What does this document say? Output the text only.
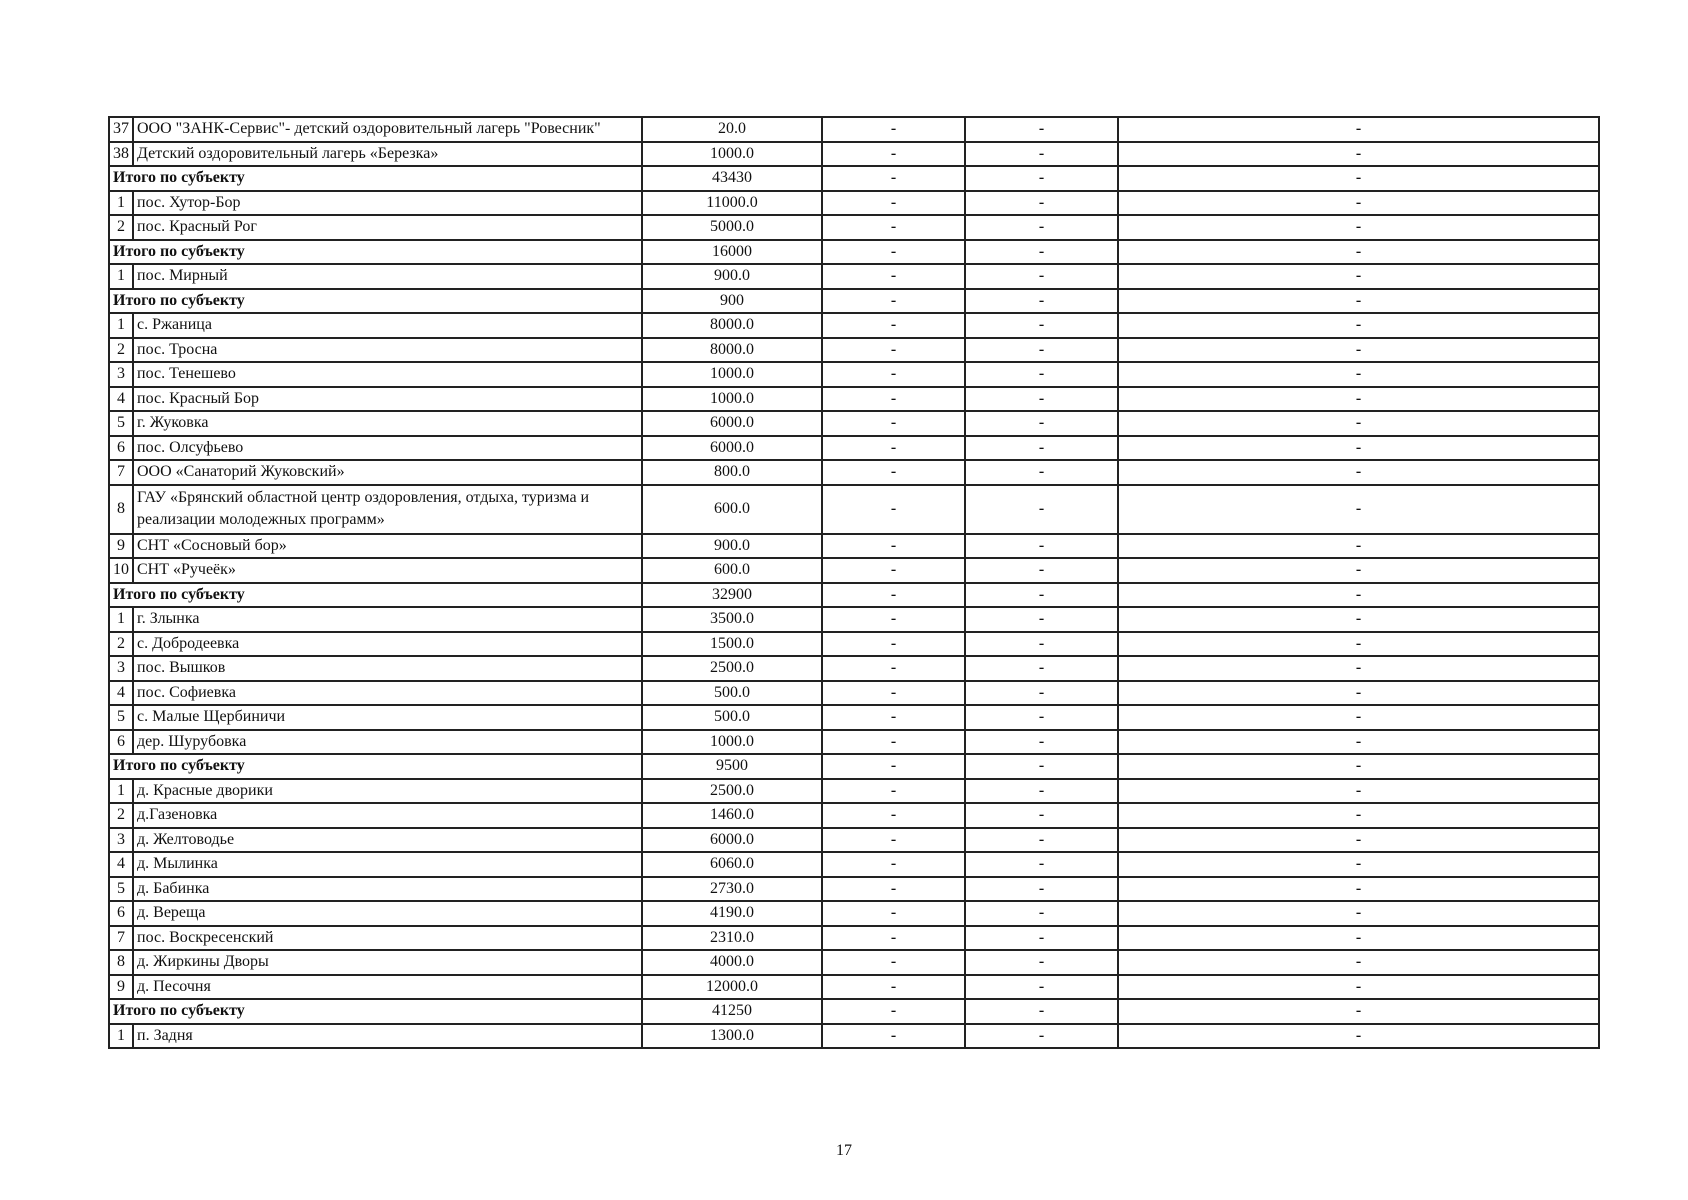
37	ООО "ЗАНК-Сервис"- детский оздоровительный лагерь "Ровесник"	20.0	-	-	-
38	Детский оздоровительный лагерь «Березка»	1000.0	-	-	-
Итого по субъекту		43430	-	-	-
1	пос. Хутор-Бор	11000.0	-	-	-
2	пос. Красный Рог	5000.0	-	-	-
Итого по субъекту		16000	-	-	-
1	пос. Мирный	900.0	-	-	-
Итого по субъекту		900	-	-	-
1	с. Ржаница	8000.0	-	-	-
2	пос. Тросна	8000.0	-	-	-
3	пос. Тенешево	1000.0	-	-	-
4	пос. Красный Бор	1000.0	-	-	-
5	г. Жуковка	6000.0	-	-	-
6	пос. Олсуфьево	6000.0	-	-	-
7	ООО «Санаторий Жуковский»	800.0	-	-	-
8	ГАУ «Брянский областной центр оздоровления, отдыха, туризма и реализации молодежных программ»	600.0	-	-	-
9	СНТ «Сосновый бор»	900.0	-	-	-
10	СНТ «Ручеёк»	600.0	-	-	-
Итого по субъекту		32900	-	-	-
1	г. Злынка	3500.0	-	-	-
2	с. Добродеевка	1500.0	-	-	-
3	пос. Вышков	2500.0	-	-	-
4	пос. Софиевка	500.0	-	-	-
5	с. Малые Щербиничи	500.0	-	-	-
6	дер. Шурубовка	1000.0	-	-	-
Итого по субъекту		9500	-	-	-
1	д. Красные дворики	2500.0	-	-	-
2	д.Газеновка	1460.0	-	-	-
3	д. Желтоводье	6000.0	-	-	-
4	д. Мылинка	6060.0	-	-	-
5	д. Бабинка	2730.0	-	-	-
6	д. Вереща	4190.0	-	-	-
7	пос. Воскресенский	2310.0	-	-	-
8	д. Жиркины Дворы	4000.0	-	-	-
9	д. Песочня	12000.0	-	-	-
Итого по субъекту		41250	-	-	-
1	п. Задня	1300.0	-	-	-
17
